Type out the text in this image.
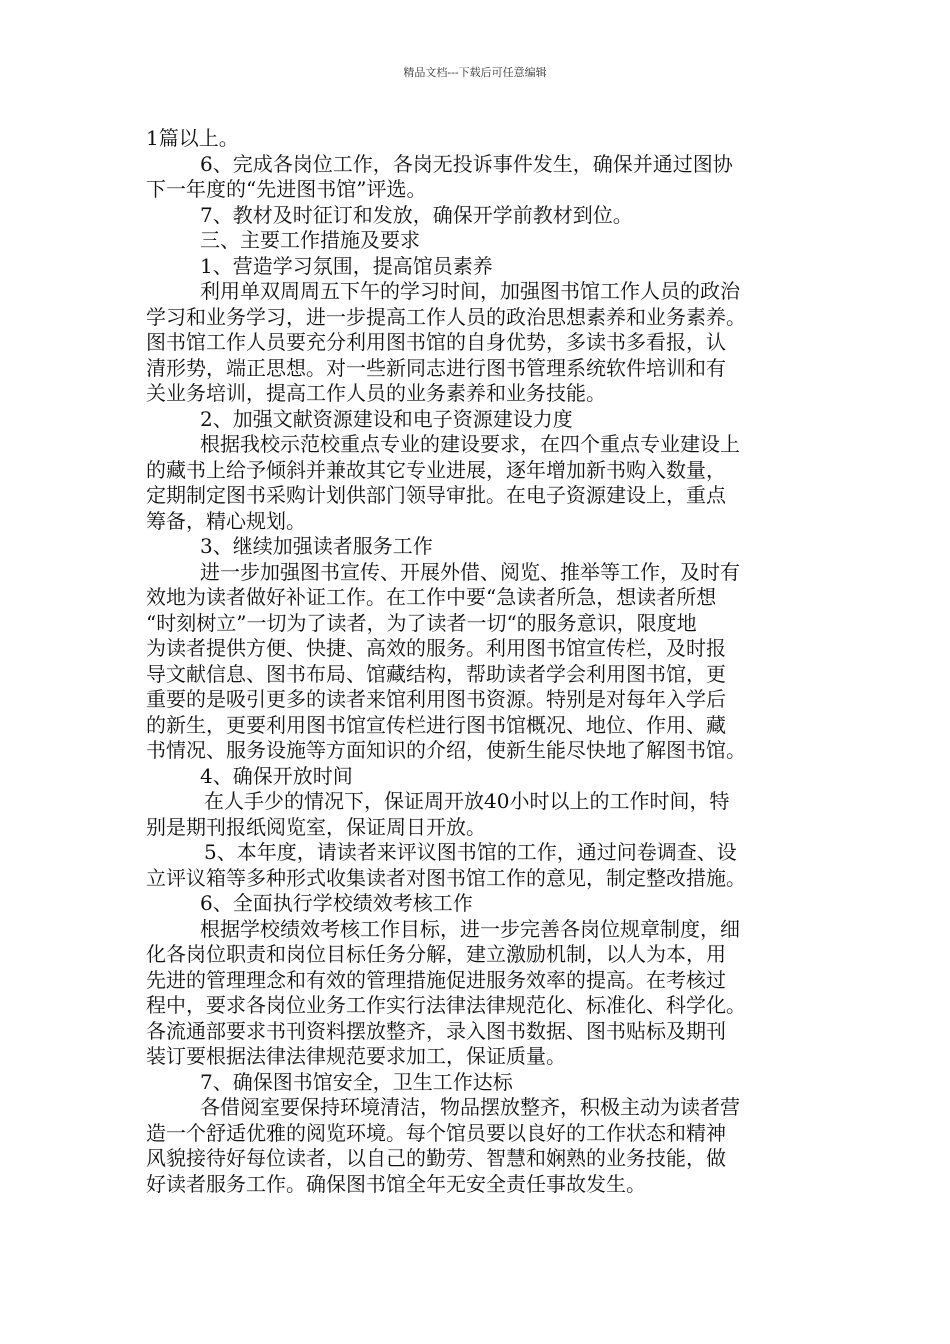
精品文档---下载后可任意编辑
1篇以上。
6、完成各岗位工作，各岗无投诉事件发生，确保并通过图协
下一年度的“先进图书馆”评选。
7、教材及时征订和发放，确保开学前教材到位。
三、主要工作措施及要求
1、营造学习氛围，提高馆员素养
利用单双周周五下午的学习时间，加强图书馆工作人员的政治
学习和业务学习，进一步提高工作人员的政治思想素养和业务素养。
图书馆工作人员要充分利用图书馆的自身优势，多读书多看报，认
清形势，端正思想。对一些新同志进行图书管理系统软件培训和有
关业务培训，提高工作人员的业务素养和业务技能。
2、加强文献资源建设和电子资源建设力度
根据我校示范校重点专业的建设要求，在四个重点专业建设上
的藏书上给予倾斜并兼故其它专业进展，逐年增加新书购入数量，
定期制定图书采购计划供部门领导审批。在电子资源建设上，重点
筹备，精心规划。
3、继续加强读者服务工作
进一步加强图书宣传、开展外借、阅览、推举等工作，及时有
效地为读者做好补证工作。在工作中要“急读者所急，想读者所想
“时刻树立”一切为了读者，为了读者一切“的服务意识，限度地
为读者提供方便、快捷、高效的服务。利用图书馆宣传栏，及时报
导文献信息、图书布局、馆藏结构，帮助读者学会利用图书馆，更
重要的是吸引更多的读者来馆利用图书资源。特别是对每年入学后
的新生，更要利用图书馆宣传栏进行图书馆概况、地位、作用、藏
书情况、服务设施等方面知识的介绍，使新生能尽快地了解图书馆。
4、确保开放时间
在人手少的情况下，保证周开放40小时以上的工作时间，特
别是期刊报纸阅览室，保证周日开放。
5、本年度，请读者来评议图书馆的工作，通过问卷调查、设
立评议箱等多种形式收集读者对图书馆工作的意见，制定整改措施。
6、全面执行学校绩效考核工作
根据学校绩效考核工作目标，进一步完善各岗位规章制度，细
化各岗位职责和岗位目标任务分解，建立激励机制，以人为本，用
先进的管理理念和有效的管理措施促进服务效率的提高。在考核过
程中，要求各岗位业务工作实行法律法律规范化、标准化、科学化。
各流通部要求书刊资料摆放整齐，录入图书数据、图书贴标及期刊
装订要根据法律法律规范要求加工，保证质量。
7、确保图书馆安全，卫生工作达标
各借阅室要保持环境清洁，物品摆放整齐，积极主动为读者营
造一个舒适优雅的阅览环境。每个馆员要以良好的工作状态和精神
风貌接待好每位读者，以自己的勤劳、智慧和娴熟的业务技能，做
好读者服务工作。确保图书馆全年无安全责任事故发生。
